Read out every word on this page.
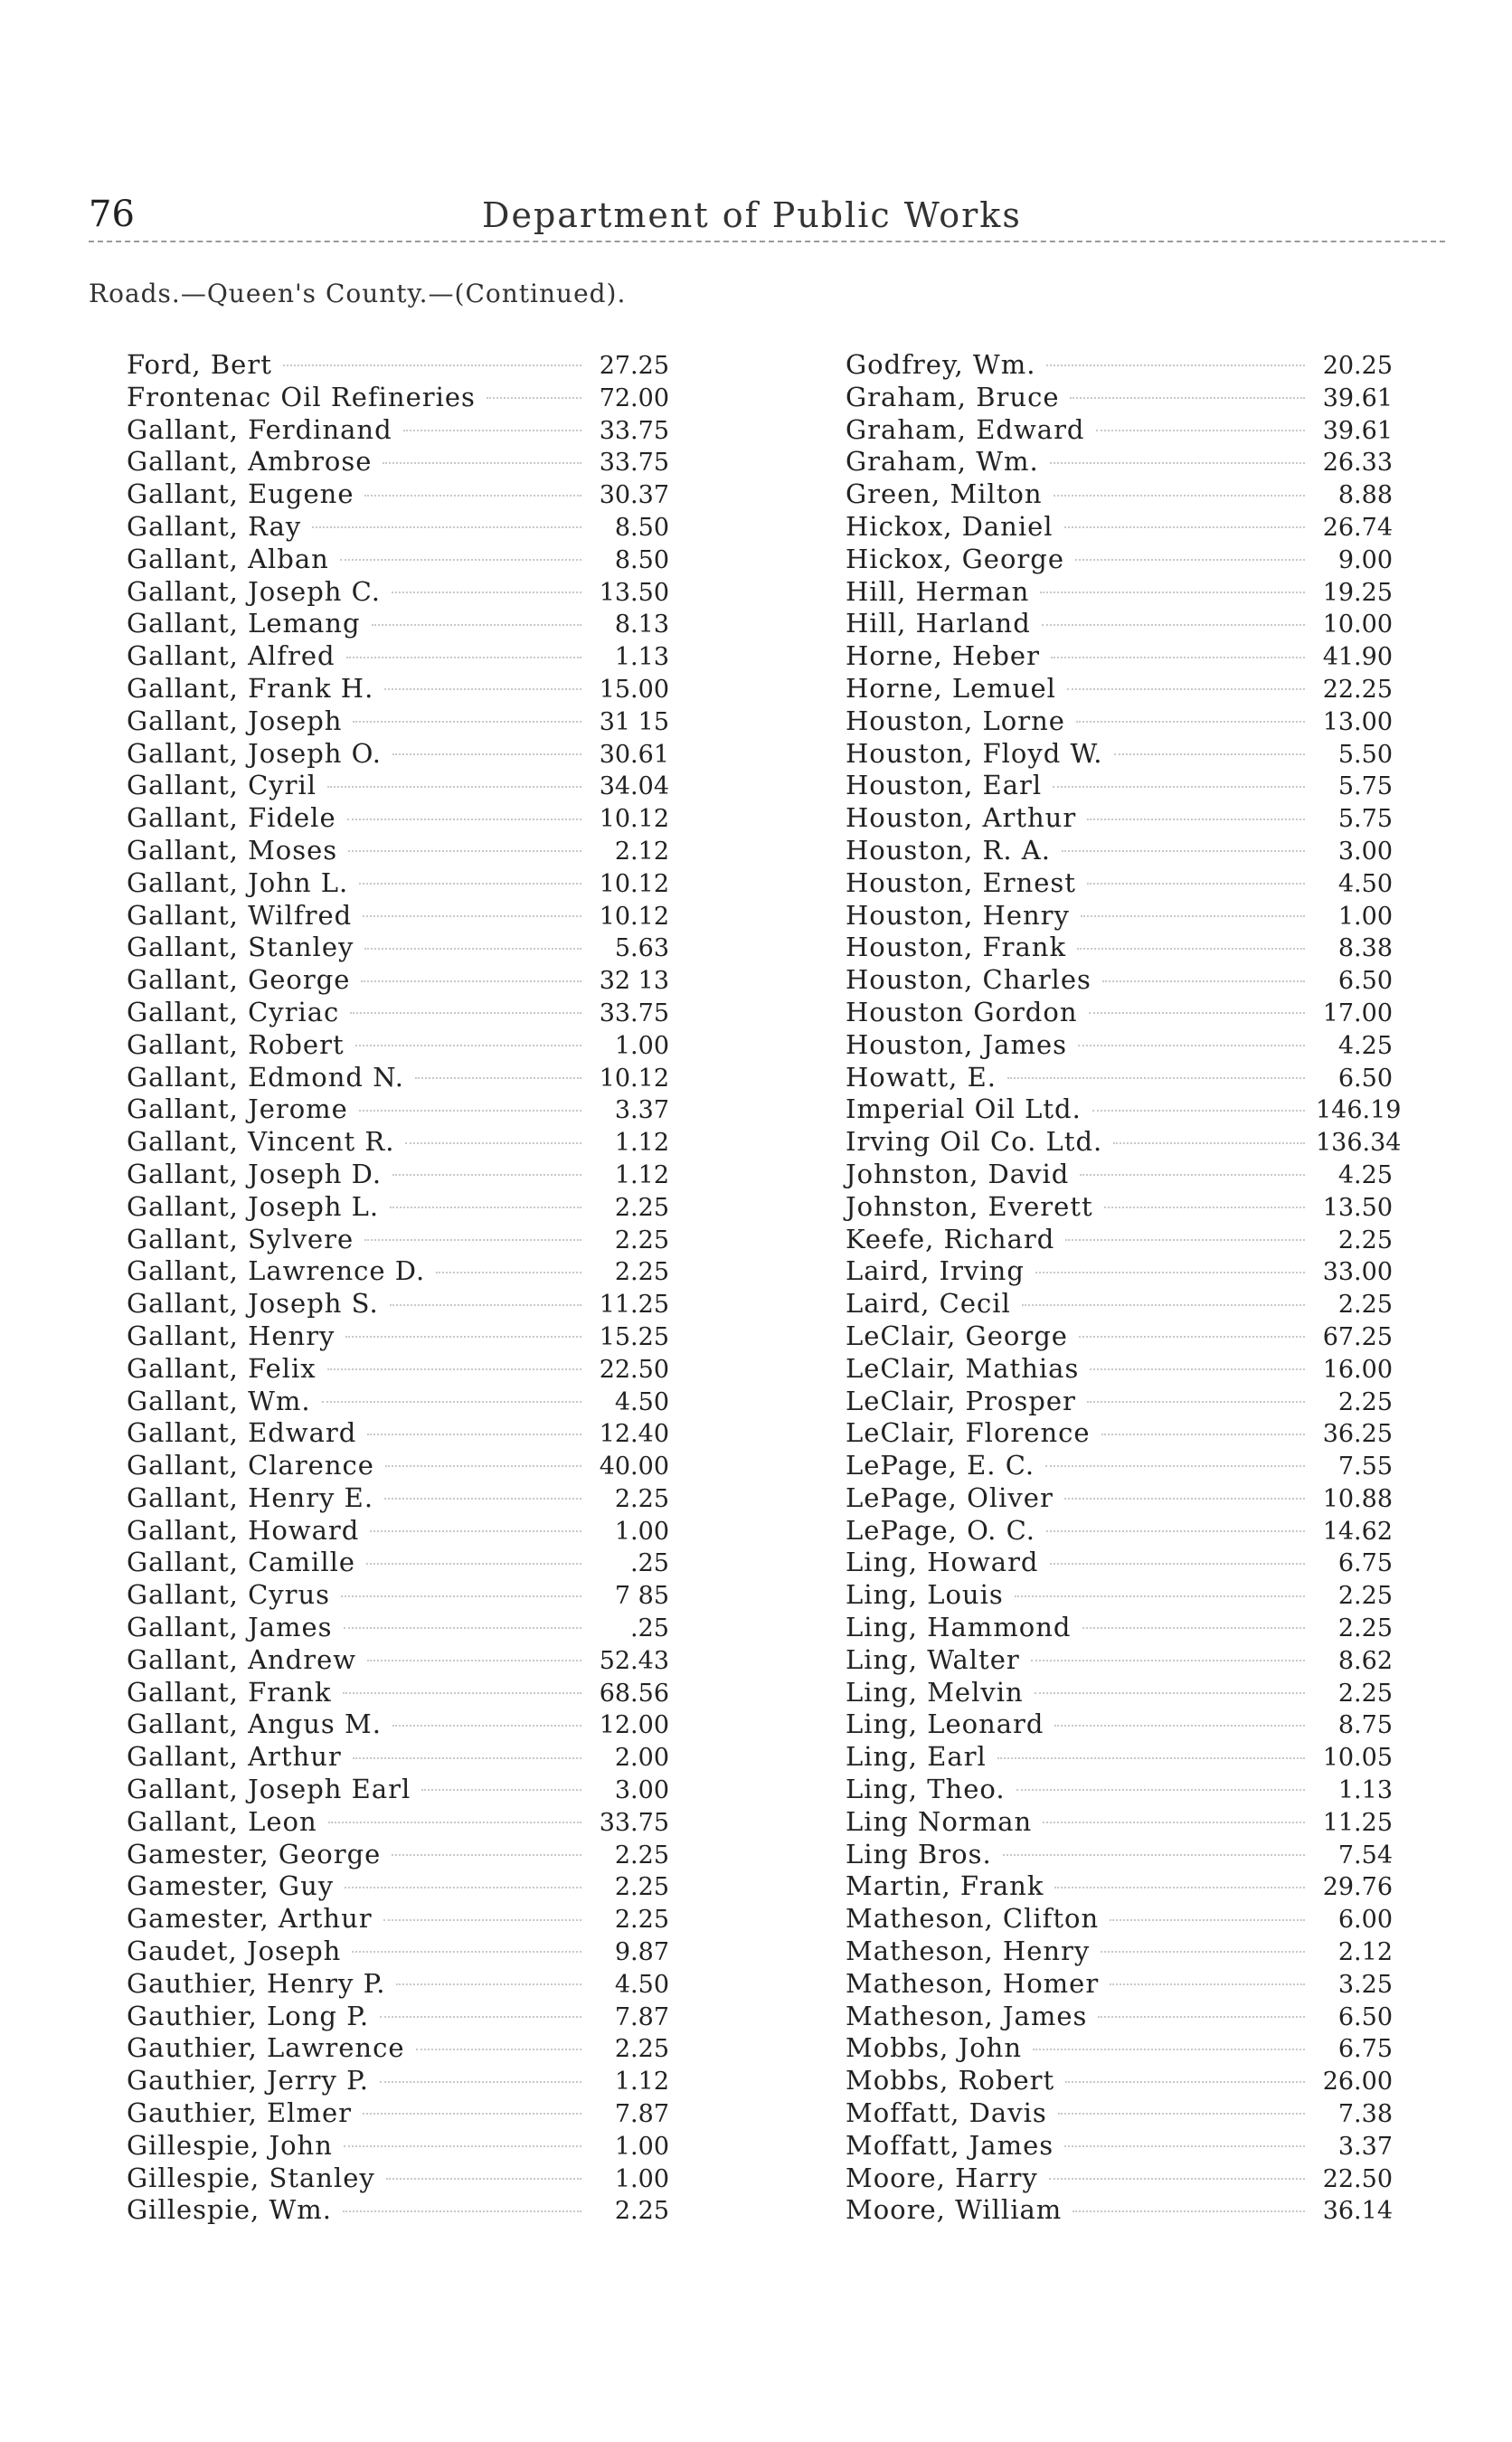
76	Department of Public Works
Roads.—Queen's County.—(Continued).
Ford, Bert	27.25
Frontenac Oil Refineries	72.00
Gallant, Ferdinand	33.75
Gallant, Ambrose	33.75
Gallant, Eugene	30.37
Gallant, Ray	8.50
Gallant, Alban	8.50
Gallant, Joseph C.	13.50
Gallant, Lemang	8.13
Gallant, Alfred	1.13
Gallant, Frank H.	15.00
Gallant, Joseph	31 15
Gallant, Joseph O.	30.61
Gallant, Cyril	34.04
Gallant, Fidele	10.12
Gallant, Moses	2.12
Gallant, John L.	10.12
Gallant, Wilfred	10.12
Gallant, Stanley	5.63
Gallant, George	32 13
Gallant, Cyriac	33.75
Gallant, Robert	1.00
Gallant, Edmond N.	10.12
Gallant, Jerome	3.37
Gallant, Vincent R.	1.12
Gallant, Joseph D.	1.12
Gallant, Joseph L.	2.25
Gallant, Sylvere	2.25
Gallant, Lawrence D.	2.25
Gallant, Joseph S.	11.25
Gallant, Henry	15.25
Gallant, Felix	22.50
Gallant, Wm.	4.50
Gallant, Edward	12.40
Gallant, Clarence	40.00
Gallant, Henry E.	2.25
Gallant, Howard	1.00
Gallant, Camille	.25
Gallant, Cyrus	7 85
Gallant, James	.25
Gallant, Andrew	52.43
Gallant, Frank	68.56
Gallant, Angus M.	12.00
Gallant, Arthur	2.00
Gallant, Joseph Earl	3.00
Gallant, Leon	33.75
Gamester, George	2.25
Gamester, Guy	2.25
Gamester, Arthur	2.25
Gaudet, Joseph	9.87
Gauthier, Henry P.	4.50
Gauthier, Long P.	7.87
Gauthier, Lawrence	2.25
Gauthier, Jerry P.	1.12
Gauthier, Elmer	7.87
Gillespie, John	1.00
Gillespie, Stanley	1.00
Gillespie, Wm.	2.25
Godfrey, Wm.	20.25
Graham, Bruce	39.61
Graham, Edward	39.61
Graham, Wm.	26.33
Green, Milton	8.88
Hickox, Daniel	26.74
Hickox, George	9.00
Hill, Herman	19.25
Hill, Harland	10.00
Horne, Heber	41.90
Horne, Lemuel	22.25
Houston, Lorne	13.00
Houston, Floyd W.	5.50
Houston, Earl	5.75
Houston, Arthur	5.75
Houston, R. A.	3.00
Houston, Ernest	4.50
Houston, Henry	1.00
Houston, Frank	8.38
Houston, Charles	6.50
Houston Gordon	17.00
Houston, James	4.25
Howatt, E.	6.50
Imperial Oil Ltd.	146.19
Irving Oil Co. Ltd.	136.34
Johnston, David	4.25
Johnston, Everett	13.50
Keefe, Richard	2.25
Laird, Irving	33.00
Laird, Cecil	2.25
LeClair, George	67.25
LeClair, Mathias	16.00
LeClair, Prosper	2.25
LeClair, Florence	36.25
LePage, E. C.	7.55
LePage, Oliver	10.88
LePage, O. C.	14.62
Ling, Howard	6.75
Ling, Louis	2.25
Ling, Hammond	2.25
Ling, Walter	8.62
Ling, Melvin	2.25
Ling, Leonard	8.75
Ling, Earl	10.05
Ling, Theo.	1.13
Ling Norman	11.25
Ling Bros.	7.54
Martin, Frank	29.76
Matheson, Clifton	6.00
Matheson, Henry	2.12
Matheson, Homer	3.25
Matheson, James	6.50
Mobbs, John	6.75
Mobbs, Robert	26.00
Moffatt, Davis	7.38
Moffatt, James	3.37
Moore, Harry	22.50
Moore, William	36.14
